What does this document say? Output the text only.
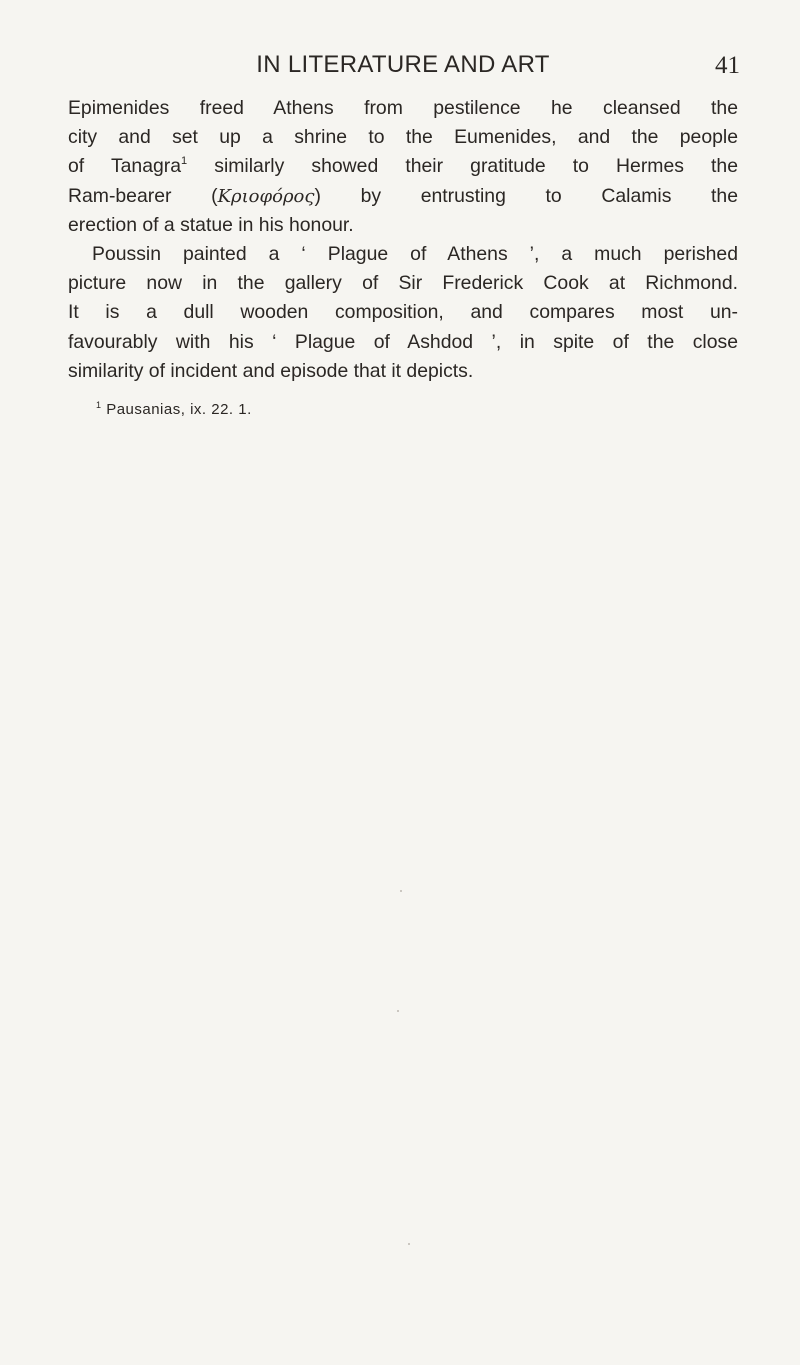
IN LITERATURE AND ART	41

Epimenides freed Athens from pestilence he cleansed the
city and set up a shrine to the Eumenides, and the people
of Tanagra$^1$ similarly showed their gratitude to Hermes the
Ram-bearer (Κριοφόρος) by entrusting to Calamis the
erection of a statue in his honour.

Poussin painted a ‘ Plague of Athens ’, a much perished
picture now in the gallery of Sir Frederick Cook at Richmond.
It is a dull wooden composition, and compares most un-
favourably with his ‘ Plague of Ashdod ’, in spite of the close
similarity of incident and episode that it depicts.

$^1$ Pausanias, ix. 22. 1.
